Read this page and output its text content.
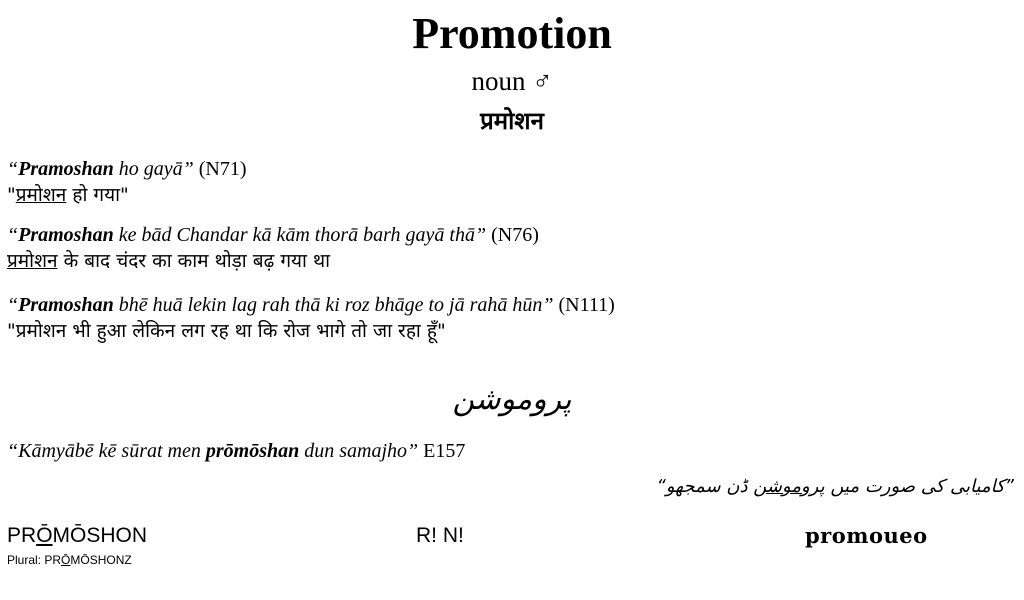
Promotion
noun ♂
प्रमोशन
“Pramoshan ho gayā” (N71)
"प्रमोशन हो गया"
“Pramoshan ke bād Chandar kā kām thorā barh gayā thā” (N76)
प्रमोशन के बाद चंदर का काम थोड़ा बढ़ गया था
“Pramoshan bhē huā lekin lag rah thā ki roz bhāge to jā rahā hūn” (N111)
"प्रमोशन भी हुआ लेकिन लग रह था कि रोज भागे तो जा रहा हूँ"
پروموشن
“Kāmyābē kē sūrat men prōmōshan dun samajho” E157
”کامیابی کی صورت میں پروموشن ڈن سمجھو“
PRŌMŌSHON
Plural: PRŌMŌSHONZ
R! N!	promoueo
